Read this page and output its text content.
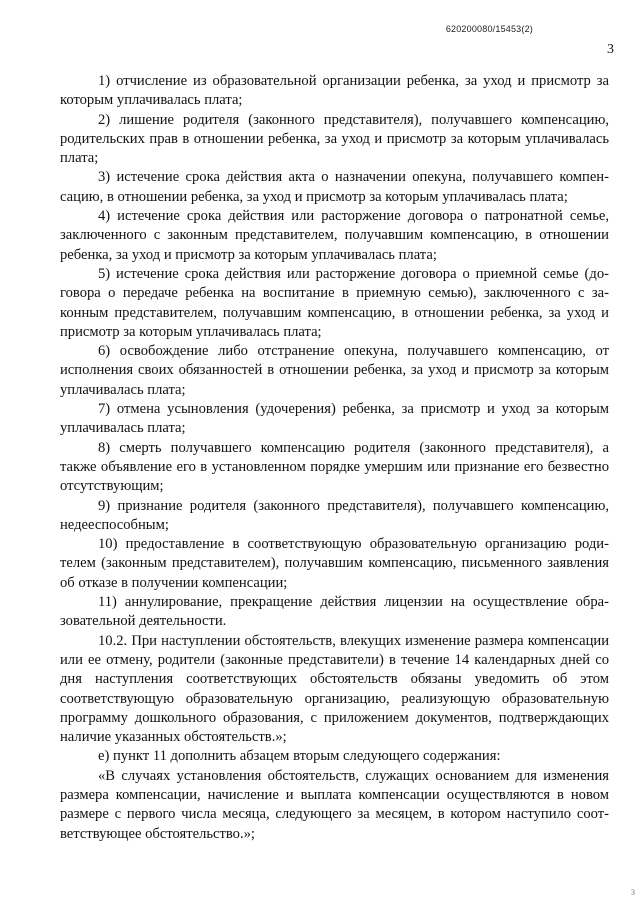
620200080/15453(2)
3

1) отчисление из образовательной организации ребенка, за уход и присмотр за которым уплачивалась плата;

2) лишение родителя (законного представителя), получавшего компенсацию, родительских прав в отношении ребенка, за уход и присмотр за которым уплачивалась плата;

3) истечение срока действия акта о назначении опекуна, получавшего компенсацию, в отношении ребенка, за уход и присмотр за которым уплачивалась плата;

4) истечение срока действия или расторжение договора о патронатной семье, заключенного с законным представителем, получавшим компенсацию, в отношении ребенка, за уход и присмотр за которым уплачивалась плата;

5) истечение срока действия или расторжение договора о приемной семье (договора о передаче ребенка на воспитание в приемную семью), заключенного с законным представителем, получавшим компенсацию, в отношении ребенка, за уход и присмотр за которым уплачивалась плата;

6) освобождение либо отстранение опекуна, получавшего компенсацию, от исполнения своих обязанностей в отношении ребенка, за уход и присмотр за которым уплачивалась плата;

7) отмена усыновления (удочерения) ребенка, за присмотр и уход за которым уплачивалась плата;

8) смерть получавшего компенсацию родителя (законного представителя), а также объявление его в установленном порядке умершим или признание его безвестно отсутствующим;

9) признание родителя (законного представителя), получавшего компенсацию, недееспособным;

10) предоставление в соответствующую образовательную организацию родителем (законным представителем), получавшим компенсацию, письменного заявления об отказе в получении компенсации;

11) аннулирование, прекращение действия лицензии на осуществление образовательной деятельности.

10.2. При наступлении обстоятельств, влекущих изменение размера компенсации или ее отмену, родители (законные представители) в течение 14 календарных дней со дня наступления соответствующих обстоятельств обязаны уведомить об этом соответствующую образовательную организацию, реализующую образовательную программу дошкольного образования, с приложением документов, подтверждающих наличие указанных обстоятельств.»;

е) пункт 11 дополнить абзацем вторым следующего содержания:

«В случаях установления обстоятельств, служащих основанием для изменения размера компенсации, начисление и выплата компенсации осуществляются в новом размере с первого числа месяца, следующего за месяцем, в котором наступило соответствующее обстоятельство.»;

3
